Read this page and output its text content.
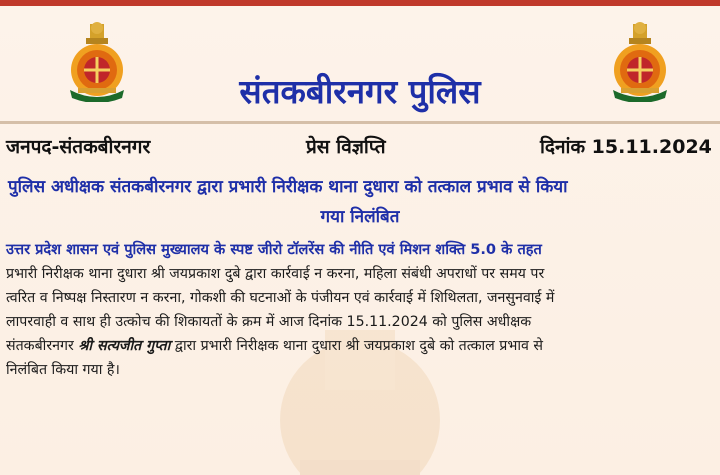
संतकबीरनगर पुलिस
जनपद-संतकबीरनगर	प्रेस विज्ञप्ति	दिनांक 15.11.2024
पुलिस अधीक्षक संतकबीरनगर द्वारा प्रभारी निरीक्षक थाना दुधारा को तत्काल प्रभाव से किया
गया निलंबित
उत्तर प्रदेश शासन एवं पुलिस मुख्यालय के स्पष्ट जीरो टॉलरेंस की नीति एवं मिशन शक्ति 5.0 के तहत
प्रभारी निरीक्षक थाना दुधारा श्री जयप्रकाश दुबे द्वारा कार्रवाई न करना, महिला संबंधी अपराधों पर समय पर
त्वरित व निष्पक्ष निस्तारण न करना, गोकशी की घटनाओं के पंजीयन एवं कार्रवाई में शिथिलता, जनसुनवाई में
लापरवाही व साथ ही उत्कोच की शिकायतों के क्रम में आज दिनांक 15.11.2024 को पुलिस अधीक्षक
संतकबीरनगर श्री सत्यजीत गुप्ता द्वारा प्रभारी निरीक्षक थाना दुधारा श्री जयप्रकाश दुबे को तत्काल प्रभाव से
निलंबित किया गया है।
